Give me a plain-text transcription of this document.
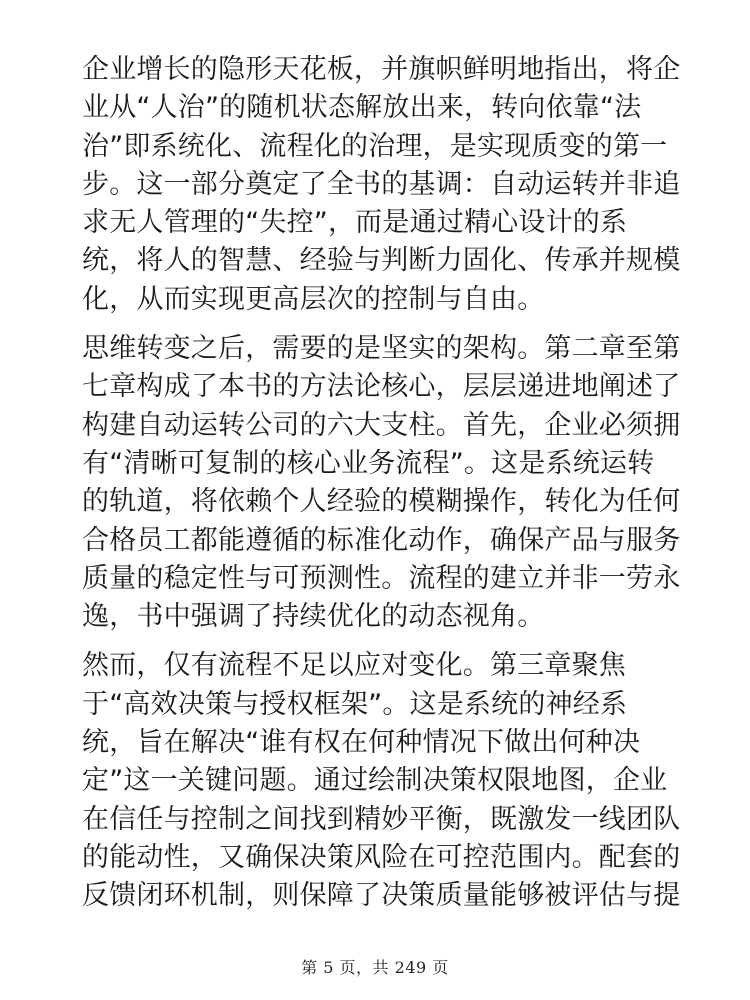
企业增长的隐形天花板，并旗帜鲜明地指出，将企
业从“人治”的随机状态解放出来，转向依靠“法
治”即系统化、流程化的治理，是实现质变的第一
步。这一部分奠定了全书的基调：自动运转并非追
求无人管理的“失控”，而是通过精心设计的系
统，将人的智慧、经验与判断力固化、传承并规模
化，从而实现更高层次的控制与自由。
思维转变之后，需要的是坚实的架构。第二章至第
七章构成了本书的方法论核心，层层递进地阐述了
构建自动运转公司的六大支柱。首先，企业必须拥
有“清晰可复制的核心业务流程”。这是系统运转
的轨道，将依赖个人经验的模糊操作，转化为任何
合格员工都能遵循的标准化动作，确保产品与服务
质量的稳定性与可预测性。流程的建立并非一劳永
逸，书中强调了持续优化的动态视角。
然而，仅有流程不足以应对变化。第三章聚焦
于“高效决策与授权框架”。这是系统的神经系
统，旨在解决“谁有权在何种情况下做出何种决
定”这一关键问题。通过绘制决策权限地图，企业
在信任与控制之间找到精妙平衡，既激发一线团队
的能动性，又确保决策风险在可控范围内。配套的
反馈闭环机制，则保障了决策质量能够被评估与提
第 5 页，共 249 页
